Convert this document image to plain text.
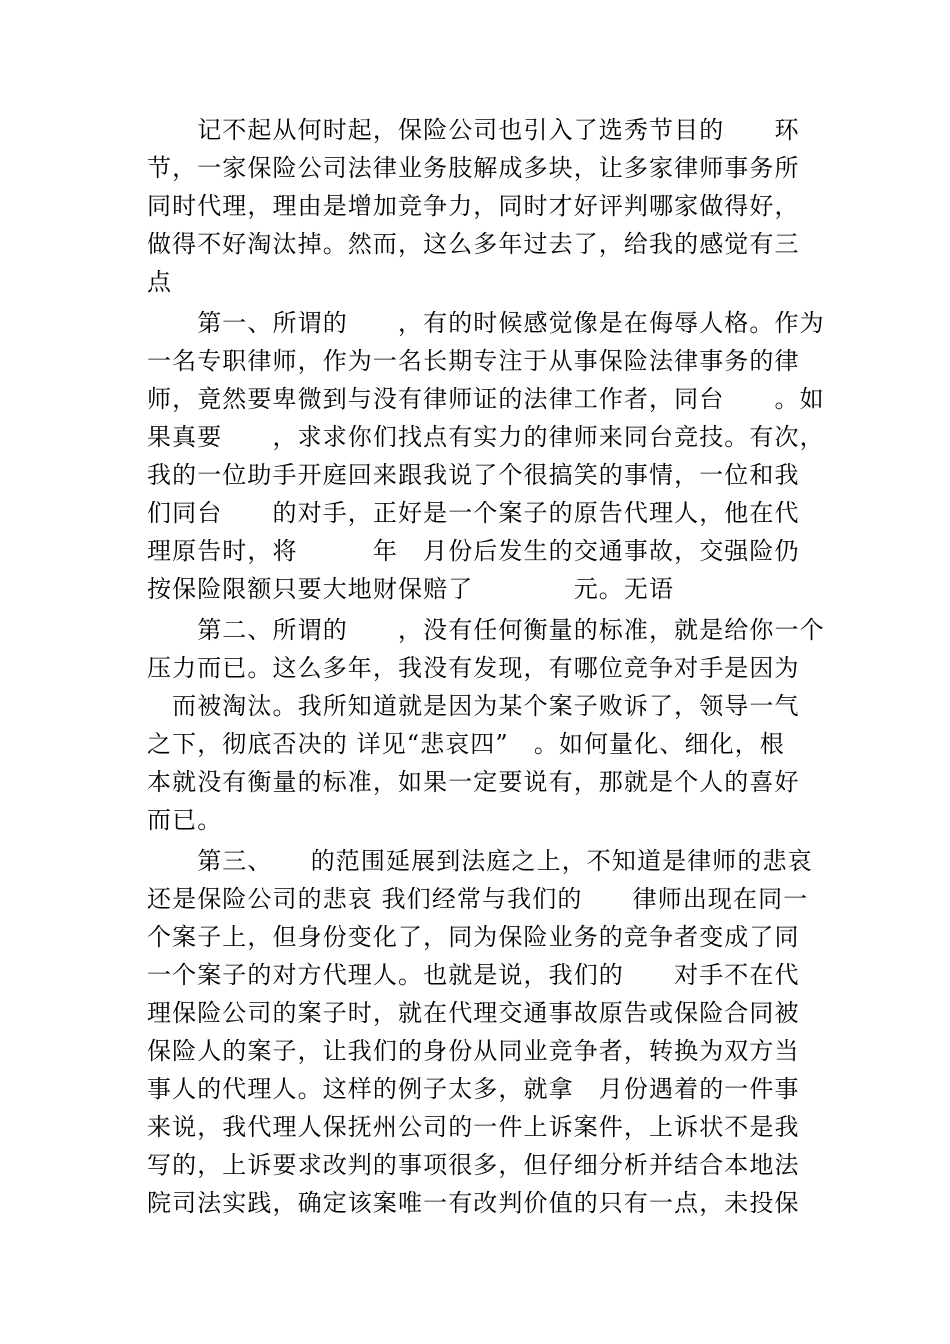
　　记不起从何时起，保险公司也引入了选秀节目的　　环
节，一家保险公司法律业务肢解成多块，让多家律师事务所
同时代理，理由是增加竞争力，同时才好评判哪家做得好，
做得不好淘汰掉。然而，这么多年过去了，给我的感觉有三
点
　　第一、所谓的　　，有的时候感觉像是在侮辱人格。作为
一名专职律师，作为一名长期专注于从事保险法律事务的律
师，竟然要卑微到与没有律师证的法律工作者，同台　　。如
果真要　　，求求你们找点有实力的律师来同台竞技。有次，
我的一位助手开庭回来跟我说了个很搞笑的事情，一位和我
们同台　　的对手，正好是一个案子的原告代理人，他在代
理原告时，将　　　年　月份后发生的交通事故，交强险仍
按保险限额只要大地财保赔了　　　　元。无语
　　第二、所谓的　　，没有任何衡量的标准，就是给你一个
压力而已。这么多年，我没有发现，有哪位竞争对手是因为
　而被淘汰。我所知道就是因为某个案子败诉了，领导一气
之下，彻底否决的 详见“悲哀四”　。如何量化、细化，根
本就没有衡量的标准，如果一定要说有，那就是个人的喜好
而已。
　　第三、　　的范围延展到法庭之上，不知道是律师的悲哀
还是保险公司的悲哀 我们经常与我们的　　律师出现在同一
个案子上，但身份变化了，同为保险业务的竞争者变成了同
一个案子的对方代理人。也就是说，我们的　　对手不在代
理保险公司的案子时，就在代理交通事故原告或保险合同被
保险人的案子，让我们的身份从同业竞争者，转换为双方当
事人的代理人。这样的例子太多，就拿　月份遇着的一件事
来说，我代理人保抚州公司的一件上诉案件，上诉状不是我
写的，上诉要求改判的事项很多，但仔细分析并结合本地法
院司法实践，确定该案唯一有改判价值的只有一点，未投保
